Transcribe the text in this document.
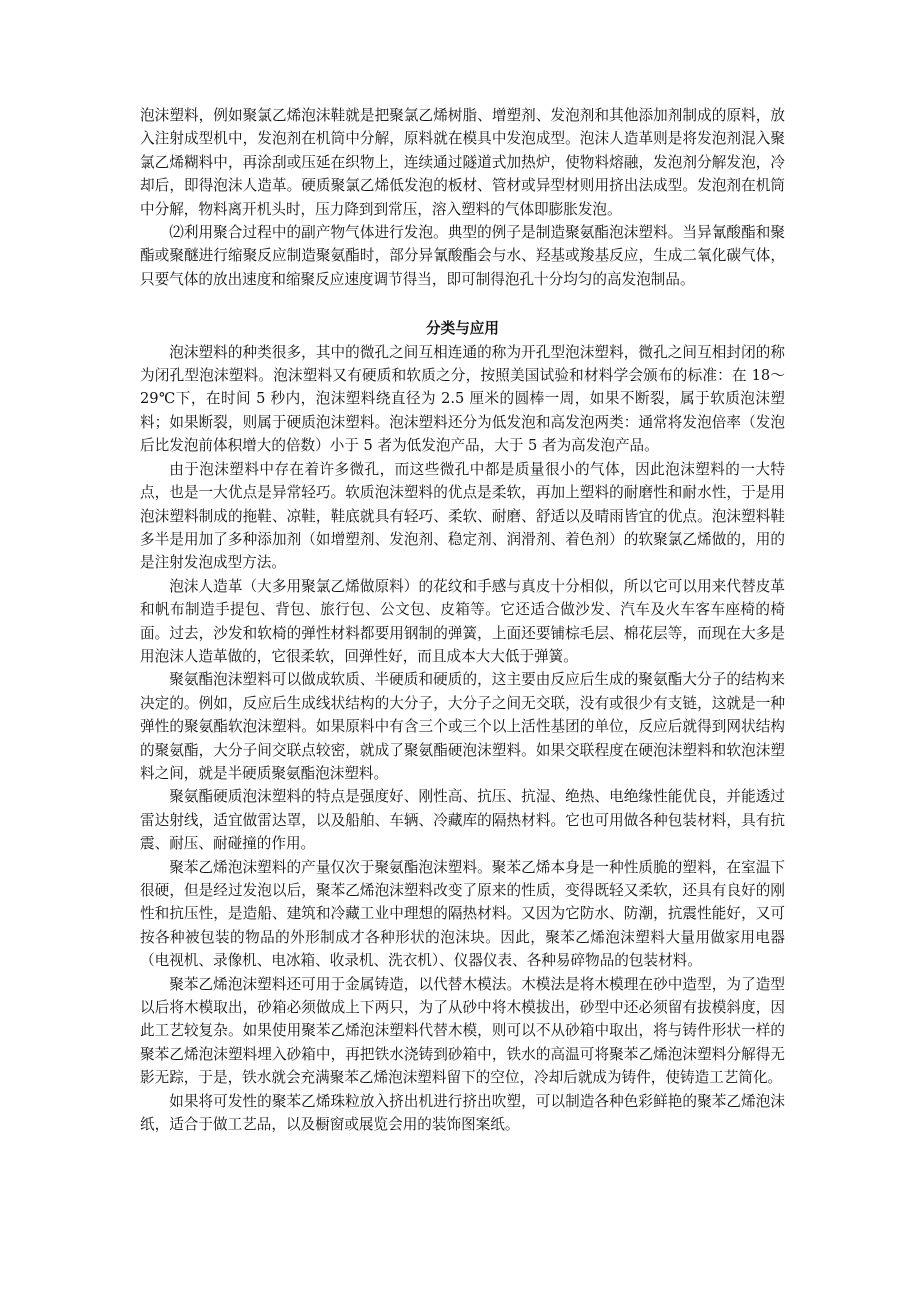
泡沫塑料，例如聚氯乙烯泡沫鞋就是把聚氯乙烯树脂、增塑剂、发泡剂和其他添加剂制成的原料，放入注射成型机中，发泡剂在机筒中分解，原料就在模具中发泡成型。泡沫人造革则是将发泡剂混入聚氯乙烯糊料中，再涂刮或压延在织物上，连续通过隧道式加热炉，使物料熔融，发泡剂分解发泡，冷却后，即得泡沫人造革。硬质聚氯乙烯低发泡的板材、管材或异型材则用挤出法成型。发泡剂在机筒中分解，物料离开机头时，压力降到到常压，溶入塑料的气体即膨胀发泡。

⑵利用聚合过程中的副产物气体进行发泡。典型的例子是制造聚氨酯泡沫塑料。当异氰酸酯和聚酯或聚醚进行缩聚反应制造聚氨酯时，部分异氰酸酯会与水、羟基或羧基反应，生成二氧化碳气体，只要气体的放出速度和缩聚反应速度调节得当，即可制得泡孔十分均匀的高发泡制品。

分类与应用

泡沫塑料的种类很多，其中的微孔之间互相连通的称为开孔型泡沫塑料，微孔之间互相封闭的称为闭孔型泡沫塑料。泡沫塑料又有硬质和软质之分，按照美国试验和材料学会颁布的标准：在 18～29℃下，在时间 5 秒内，泡沫塑料绕直径为 2.5 厘米的圆棒一周，如果不断裂，属于软质泡沫塑料；如果断裂，则属于硬质泡沫塑料。泡沫塑料还分为低发泡和高发泡两类：通常将发泡倍率（发泡后比发泡前体积增大的倍数）小于 5 者为低发泡产品，大于 5 者为高发泡产品。

由于泡沫塑料中存在着许多微孔，而这些微孔中都是质量很小的气体，因此泡沫塑料的一大特点，也是一大优点是异常轻巧。软质泡沫塑料的优点是柔软，再加上塑料的耐磨性和耐水性，于是用泡沫塑料制成的拖鞋、凉鞋，鞋底就具有轻巧、柔软、耐磨、舒适以及晴雨皆宜的优点。泡沫塑料鞋多半是用加了多种添加剂（如增塑剂、发泡剂、稳定剂、润滑剂、着色剂）的软聚氯乙烯做的，用的是注射发泡成型方法。

泡沫人造革（大多用聚氯乙烯做原料）的花纹和手感与真皮十分相似，所以它可以用来代替皮革和帆布制造手提包、背包、旅行包、公文包、皮箱等。它还适合做沙发、汽车及火车客车座椅的椅面。过去，沙发和软椅的弹性材料都要用钢制的弹簧，上面还要铺棕毛层、棉花层等，而现在大多是用泡沫人造革做的，它很柔软，回弹性好，而且成本大大低于弹簧。

聚氨酯泡沫塑料可以做成软质、半硬质和硬质的，这主要由反应后生成的聚氨酯大分子的结构来决定的。例如，反应后生成线状结构的大分子，大分子之间无交联，没有或很少有支链，这就是一种弹性的聚氨酯软泡沫塑料。如果原料中有含三个或三个以上活性基团的单位，反应后就得到网状结构的聚氨酯，大分子间交联点较密，就成了聚氨酯硬泡沫塑料。如果交联程度在硬泡沫塑料和软泡沫塑料之间，就是半硬质聚氨酯泡沫塑料。

聚氨酯硬质泡沫塑料的特点是强度好、刚性高、抗压、抗湿、绝热、电绝缘性能优良，并能透过雷达射线，适宜做雷达罩，以及船舶、车辆、冷藏库的隔热材料。它也可用做各种包装材料，具有抗震、耐压、耐碰撞的作用。

聚苯乙烯泡沫塑料的产量仅次于聚氨酯泡沫塑料。聚苯乙烯本身是一种性质脆的塑料，在室温下很硬，但是经过发泡以后，聚苯乙烯泡沫塑料改变了原来的性质，变得既轻又柔软，还具有良好的刚性和抗压性，是造船、建筑和冷藏工业中理想的隔热材料。又因为它防水、防潮，抗震性能好，又可按各种被包装的物品的外形制成才各种形状的泡沫块。因此，聚苯乙烯泡沫塑料大量用做家用电器（电视机、录像机、电冰箱、收录机、洗衣机）、仪器仪表、各种易碎物品的包装材料。

聚苯乙烯泡沫塑料还可用于金属铸造，以代替木模法。木模法是将木模理在砂中造型，为了造型以后将木模取出，砂箱必须做成上下两只，为了从砂中将木模拔出，砂型中还必须留有拔模斜度，因此工艺较复杂。如果使用聚苯乙烯泡沫塑料代替木模，则可以不从砂箱中取出，将与铸件形状一样的聚苯乙烯泡沫塑料埋入砂箱中，再把铁水浇铸到砂箱中，铁水的高温可将聚苯乙烯泡沫塑料分解得无影无踪，于是，铁水就会充满聚苯乙烯泡沫塑料留下的空位，冷却后就成为铸件，使铸造工艺简化。

如果将可发性的聚苯乙烯珠粒放入挤出机进行挤出吹塑，可以制造各种色彩鲜艳的聚苯乙烯泡沫纸，适合于做工艺品，以及橱窗或展览会用的装饰图案纸。
